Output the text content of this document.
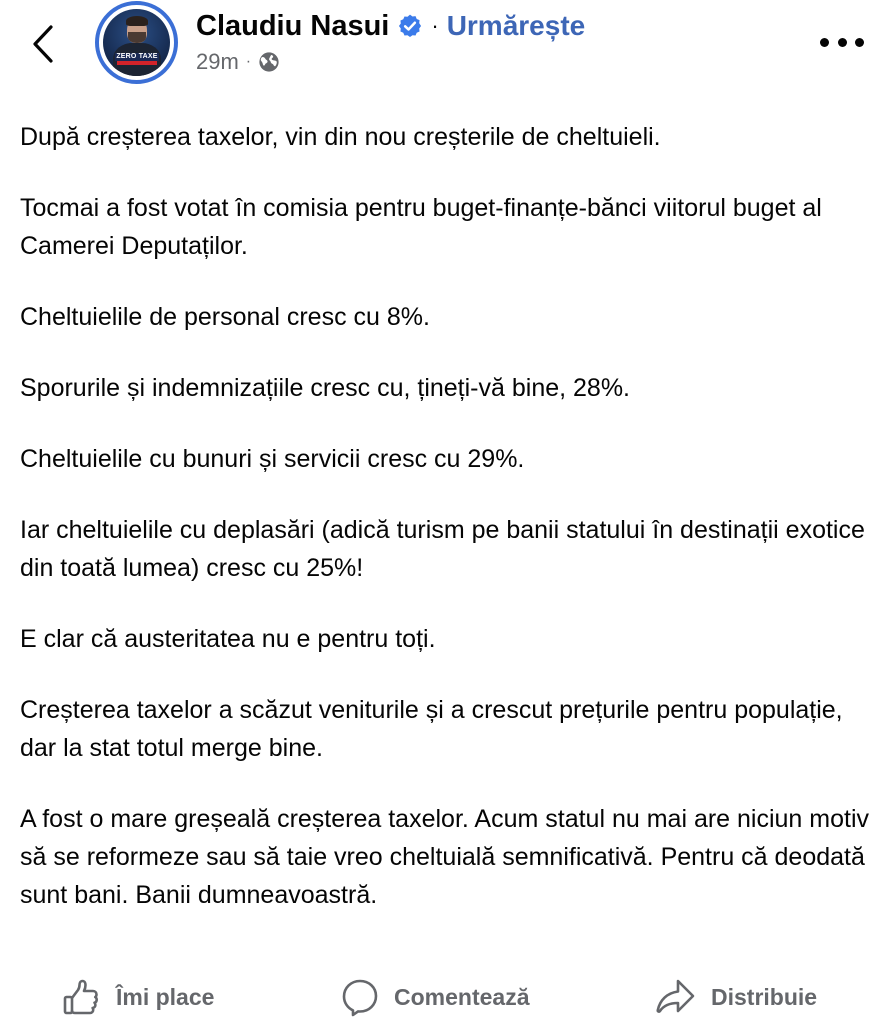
ZERO TAXE
Claudiu Nasui · Urmărește
29m ·

După creșterea taxelor, vin din nou creșterile de cheltuieli.

Tocmai a fost votat în comisia pentru buget-finanțe-bănci viitorul buget al Camerei Deputaților.

Cheltuielile de personal cresc cu 8%.

Sporurile și indemnizațiile cresc cu, țineți-vă bine, 28%.

Cheltuielile cu bunuri și servicii cresc cu 29%.

Iar cheltuielile cu deplasări (adică turism pe banii statului în destinații exotice din toată lumea) cresc cu 25%!

E clar că austeritatea nu e pentru toți.

Creșterea taxelor a scăzut veniturile și a crescut prețurile pentru populație, dar la stat totul merge bine.

A fost o mare greșeală creșterea taxelor. Acum statul nu mai are niciun motiv să se reformeze sau să taie vreo cheltuială semnificativă. Pentru că deodată sunt bani. Banii dumneavoastră.

Îmi place	Comentează	Distribuie
